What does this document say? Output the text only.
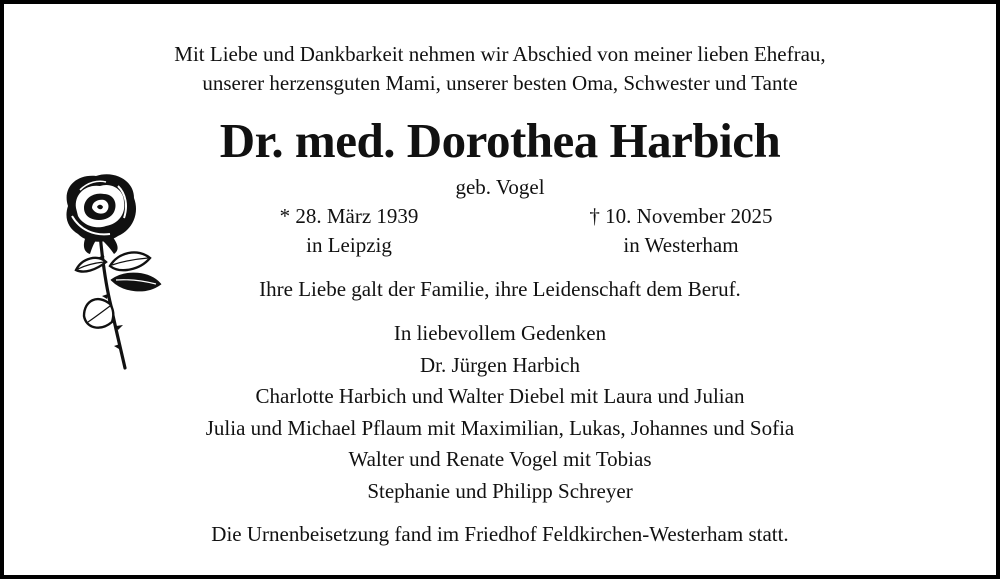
Mit Liebe und Dankbarkeit nehmen wir Abschied von meiner lieben Ehefrau,
unserer herzensguten Mami, unserer besten Oma, Schwester und Tante
Dr. med. Dorothea Harbich
geb. Vogel
* 28. März 1939
in Leipzig
† 10. November 2025
in Westerham
Ihre Liebe galt der Familie, ihre Leidenschaft dem Beruf.
In liebevollem Gedenken
Dr. Jürgen Harbich
Charlotte Harbich und Walter Diebel mit Laura und Julian
Julia und Michael Pflaum mit Maximilian, Lukas, Johannes und Sofia
Walter und Renate Vogel mit Tobias
Stephanie und Philipp Schreyer
Die Urnenbeisetzung fand im Friedhof Feldkirchen-Westerham statt.
